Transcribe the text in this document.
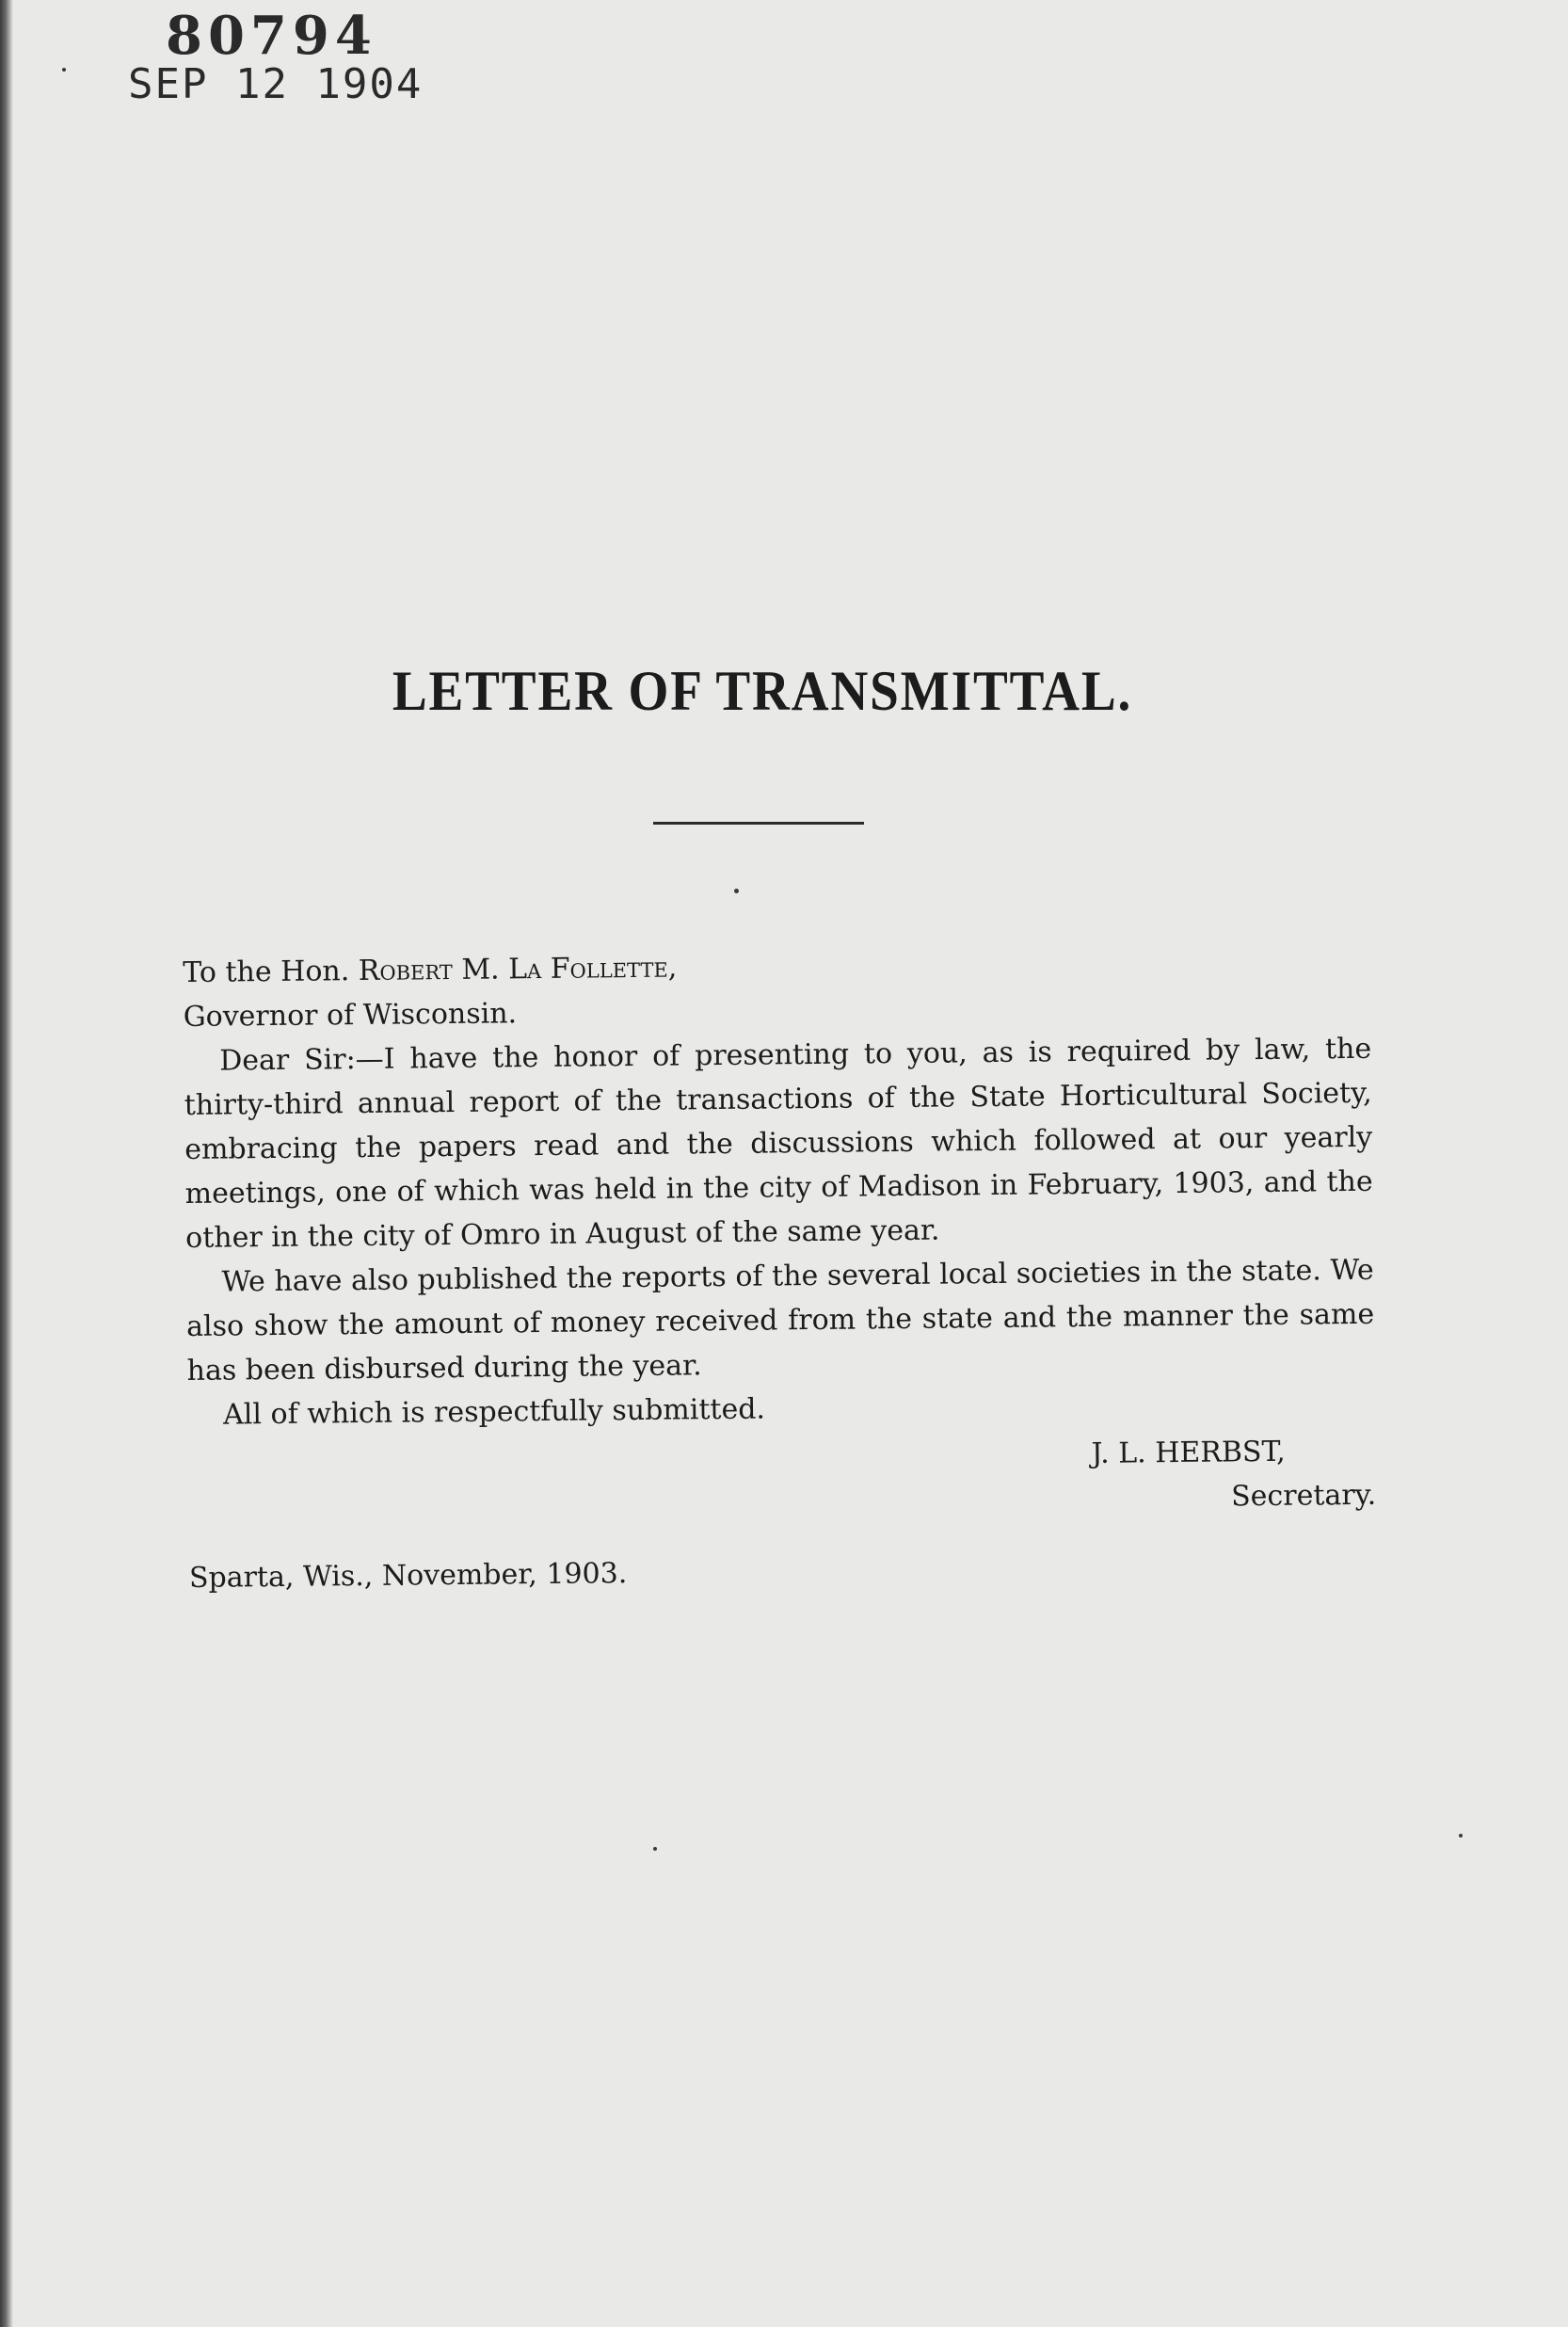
80794
SEP 12 1904
LETTER OF TRANSMITTAL.

To the Hon. Robert M. La Follette,

Governor of Wisconsin.

Dear Sir:—I have the honor of presenting to you, as is required by law, the thirty-third annual report of the transactions of the State Horticultural Society, embracing the papers read and the discussions which followed at our yearly meetings, one of which was held in the city of Madison in February, 1903, and the other in the city of Omro in August of the same year.

We have also published the reports of the several local societies in the state. We also show the amount of money received from the state and the manner the same has been disbursed during the year.

All of which is respectfully submitted.

J. L. HERBST,

Secretary.

Sparta, Wis., November, 1903.
